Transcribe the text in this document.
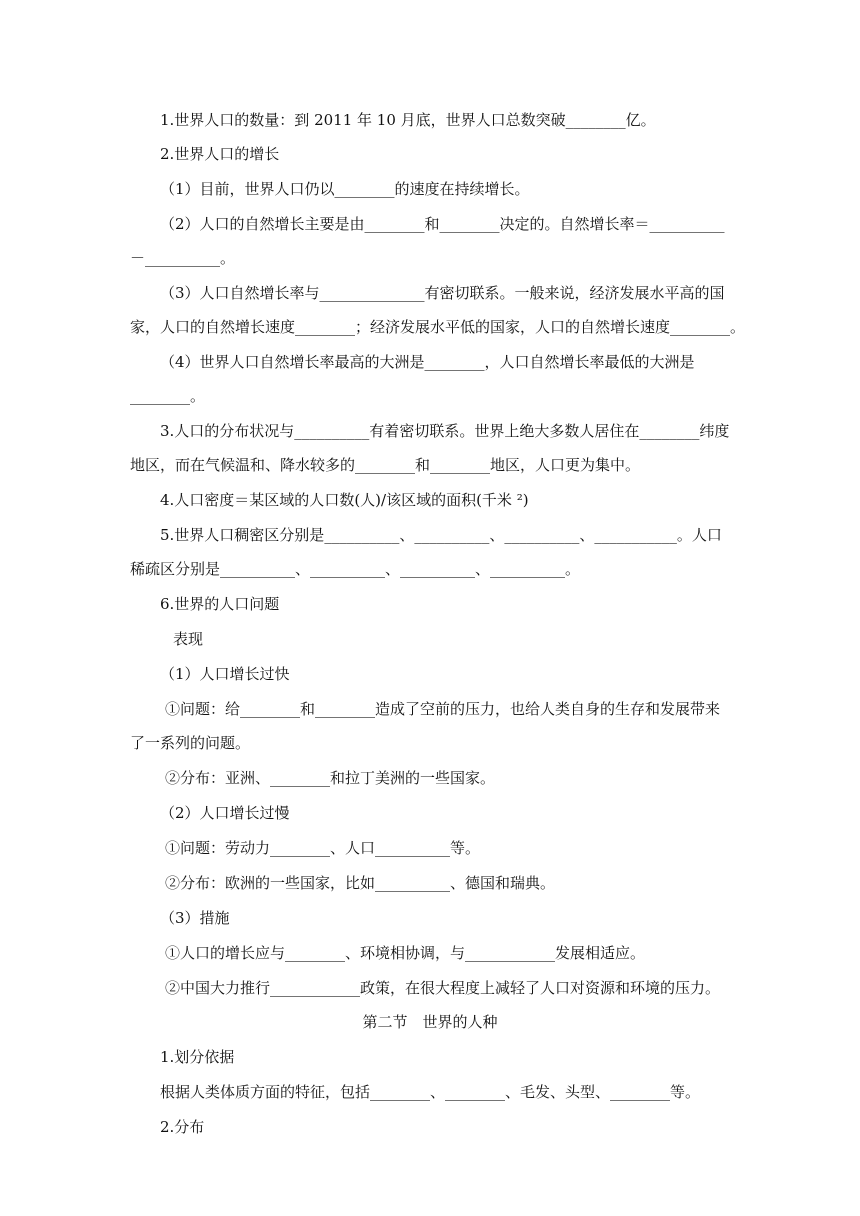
1.世界人口的数量：到 2011 年 10 月底，世界人口总数突破________亿。

2.世界人口的增长

（1）目前，世界人口仍以________的速度在持续增长。

（2）人口的自然增长主要是由________和________决定的。自然增长率＝__________

－__________。

（3）人口自然增长率与______________有密切联系。一般来说，经济发展水平高的国

家，人口的自然增长速度________；经济发展水平低的国家，人口的自然增长速度________。

（4）世界人口自然增长率最高的大洲是________，人口自然增长率最低的大洲是

________。

3.人口的分布状况与__________有着密切联系。世界上绝大多数人居住在________纬度

地区，而在气候温和、降水较多的________和________地区，人口更为集中。

4.人口密度＝某区域的人口数(人)/该区域的面积(千米 ²)

5.世界人口稠密区分别是__________、__________、__________、___________。人口

稀疏区分别是__________、__________、__________、__________。

6.世界的人口问题

表现

（1）人口增长过快

①问题：给________和________造成了空前的压力，也给人类自身的生存和发展带来

了一系列的问题。

②分布：亚洲、________和拉丁美洲的一些国家。

（2）人口增长过慢

①问题：劳动力________、人口__________等。

②分布：欧洲的一些国家，比如__________、德国和瑞典。

（3）措施

①人口的增长应与________、环境相协调，与____________发展相适应。

②中国大力推行____________政策，在很大程度上减轻了人口对资源和环境的压力。

第二节　世界的人种

1.划分依据

根据人类体质方面的特征，包括________、________、毛发、头型、________等。

2.分布
